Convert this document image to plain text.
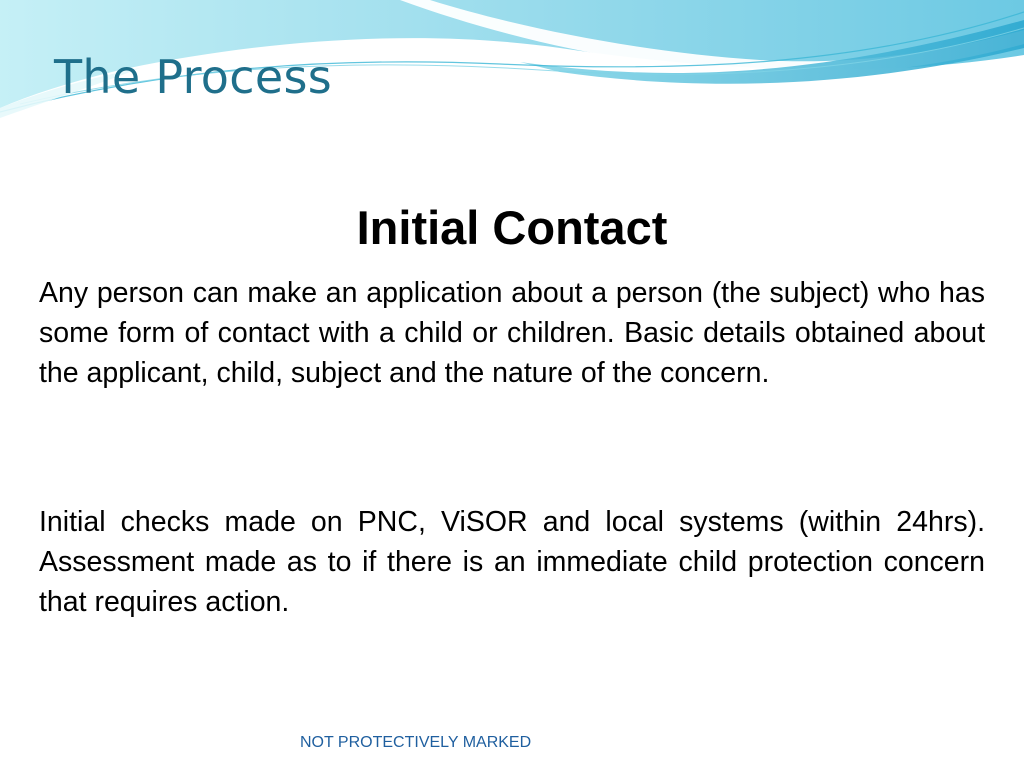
The Process
Initial Contact

Any person can make an application about a person (the subject) who has some form of contact with a child or children. Basic details obtained about the applicant, child, subject and the nature of the concern.

Initial checks made on PNC, ViSOR and local systems (within 24hrs). Assessment made as to if there is an immediate child protection concern that requires action.

NOT PROTECTIVELY MARKED
